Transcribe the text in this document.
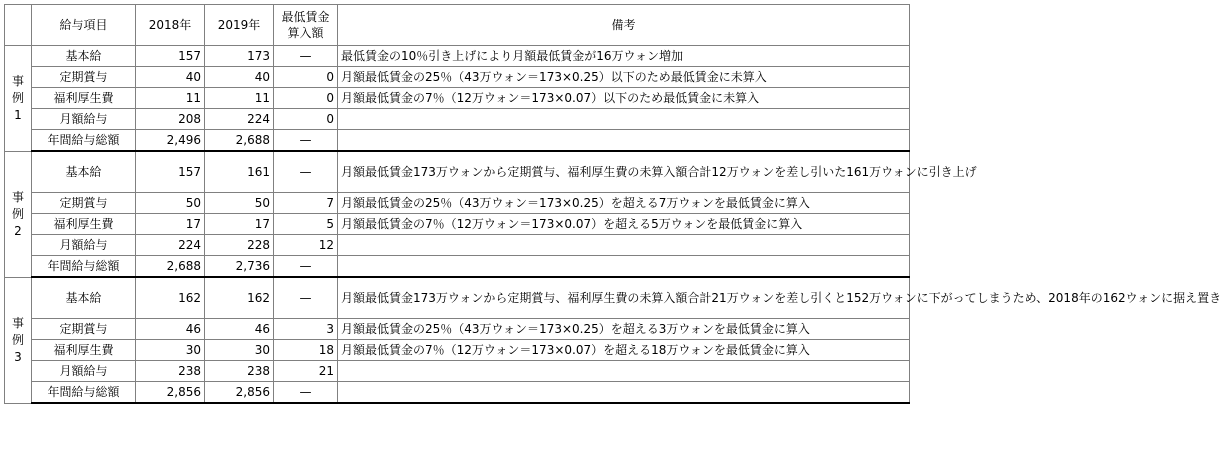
	給与項目	2018年	2019年	最低賃金算入額	備考
事例1	基本給	157	173	—	最低賃金の10％引き上げにより月額最低賃金が16万ウォン増加
	定期賞与	40	40	0	月額最低賃金の25％（43万ウォン＝173×0.25）以下のため最低賃金に未算入
	福利厚生費	11	11	0	月額最低賃金の7％（12万ウォン＝173×0.07）以下のため最低賃金に未算入
	月額給与	208	224	0	
	年間給与総額	2,496	2,688	—	
事例2	基本給	157	161	—	月額最低賃金173万ウォンから定期賞与、福利厚生費の未算入額合計12万ウォンを差し引いた161万ウォンに引き上げ
	定期賞与	50	50	7	月額最低賃金の25％（43万ウォン＝173×0.25）を超える7万ウォンを最低賃金に算入
	福利厚生費	17	17	5	月額最低賃金の7％（12万ウォン＝173×0.07）を超える5万ウォンを最低賃金に算入
	月額給与	224	228	12	
	年間給与総額	2,688	2,736	—	
事例3	基本給	162	162	—	月額最低賃金173万ウォンから定期賞与、福利厚生費の未算入額合計21万ウォンを差し引くと152万ウォンに下がってしまうため、2018年の162ウォンに据え置き
	定期賞与	46	46	3	月額最低賃金の25％（43万ウォン＝173×0.25）を超える3万ウォンを最低賃金に算入
	福利厚生費	30	30	18	月額最低賃金の7％（12万ウォン＝173×0.07）を超える18万ウォンを最低賃金に算入
	月額給与	238	238	21	
	年間給与総額	2,856	2,856	—	
